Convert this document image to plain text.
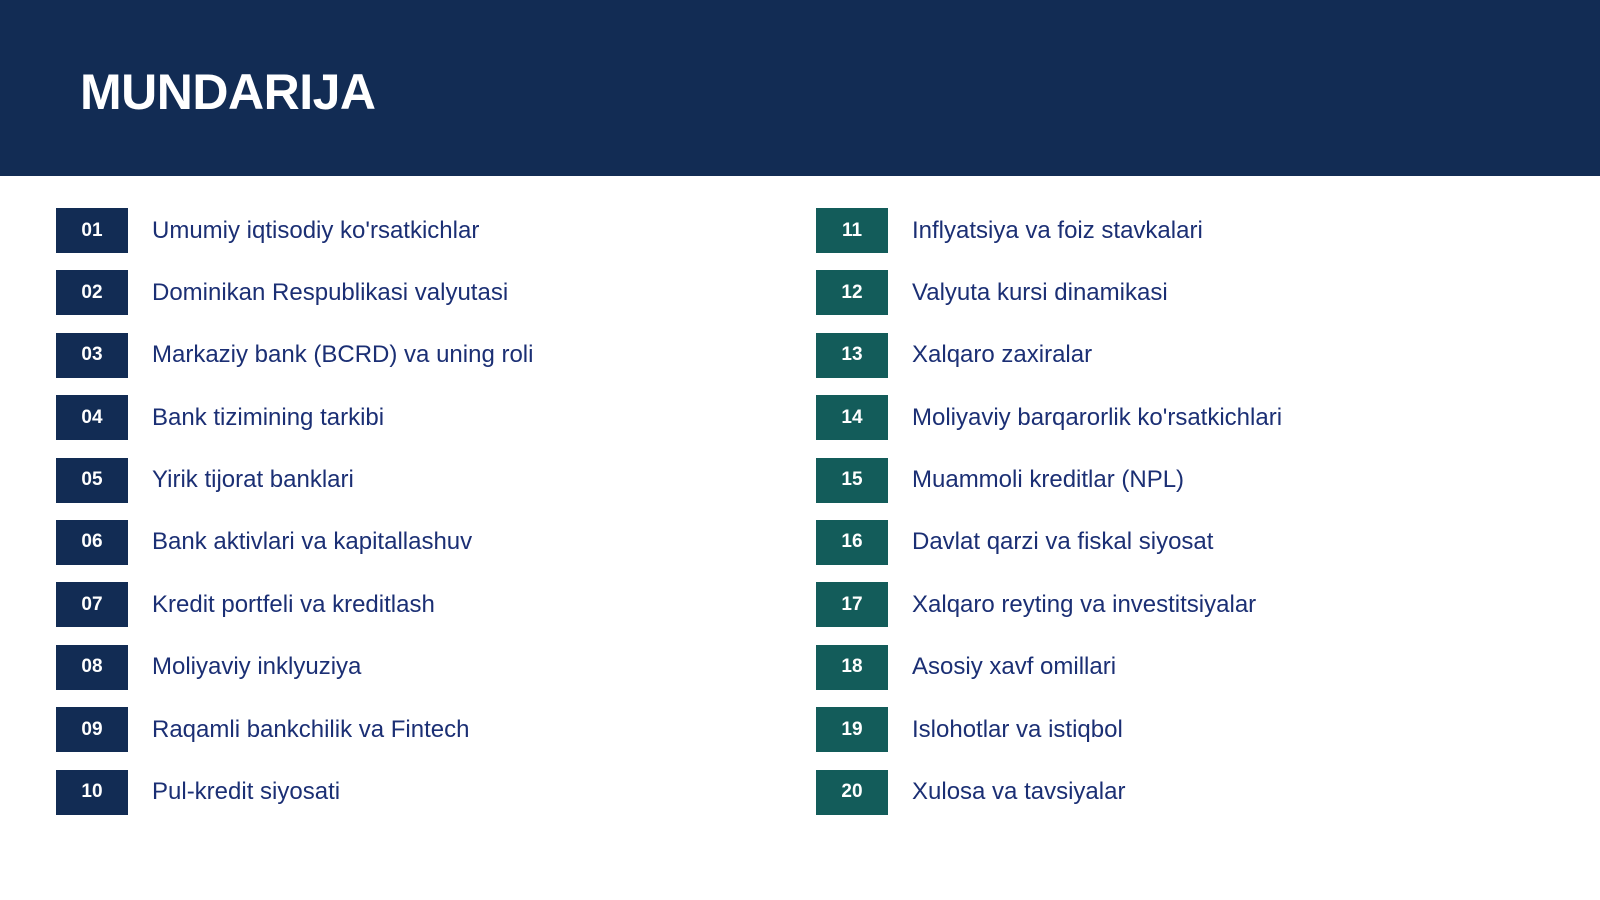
MUNDARIJA
01	Umumiy iqtisodiy ko'rsatkichlar
02	Dominikan Respublikasi valyutasi
03	Markaziy bank (BCRD) va uning roli
04	Bank tizimining tarkibi
05	Yirik tijorat banklari
06	Bank aktivlari va kapitallashuv
07	Kredit portfeli va kreditlash
08	Moliyaviy inklyuziya
09	Raqamli bankchilik va Fintech
10	Pul-kredit siyosati
11	Inflyatsiya va foiz stavkalari
12	Valyuta kursi dinamikasi
13	Xalqaro zaxiralar
14	Moliyaviy barqarorlik ko'rsatkichlari
15	Muammoli kreditlar (NPL)
16	Davlat qarzi va fiskal siyosat
17	Xalqaro reyting va investitsiyalar
18	Asosiy xavf omillari
19	Islohotlar va istiqbol
20	Xulosa va tavsiyalar
